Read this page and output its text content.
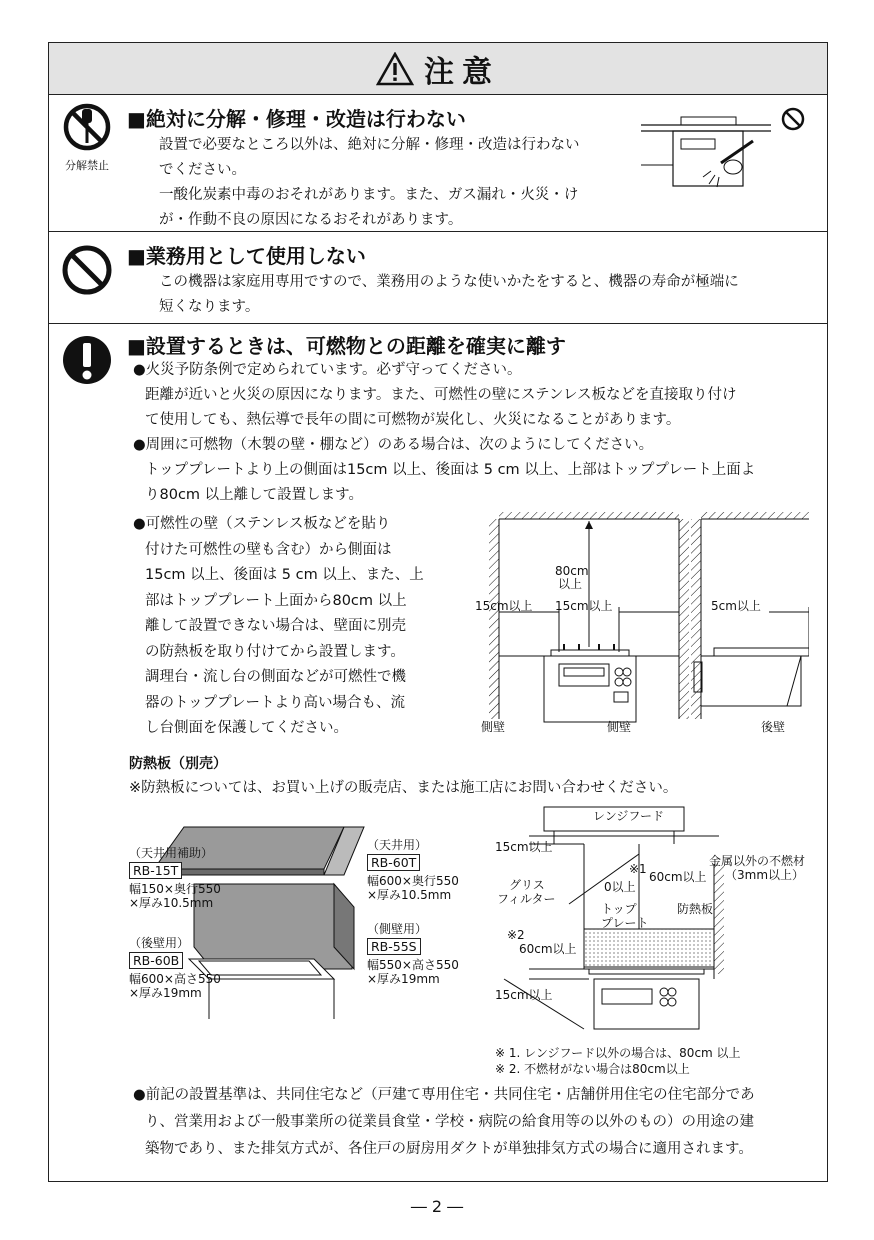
注意
分解禁止
■絶対に分解・修理・改造は行わない
設置で必要なところ以外は、絶対に分解・修理・改造は行わない
でください。
一酸化炭素中毒のおそれがあります。また、ガス漏れ・火災・け
が・作動不良の原因になるおそれがあります。
■業務用として使用しない
この機器は家庭用専用ですので、業務用のような使いかたをすると、機器の寿命が極端に
短くなります。
■設置するときは、可燃物との距離を確実に離す
●火災予防条例で定められています。必ず守ってください。
距離が近いと火災の原因になります。また、可燃性の壁にステンレス板などを直接取り付け
て使用しても、熱伝導で長年の間に可燃物が炭化し、火災になることがあります。
●周囲に可燃物（木製の壁・棚など）のある場合は、次のようにしてください。
トッププレートより上の側面は15cm 以上、後面は 5 cm 以上、上部はトッププレート上面よ
り80cm 以上離して設置します。
●可燃性の壁（ステンレス板などを貼り
付けた可燃性の壁も含む）から側面は
15cm 以上、後面は 5 cm 以上、また、上
部はトッププレート上面から80cm 以上
離して設置できない場合は、壁面に別売
の防熱板を取り付けてから設置します。
調理台・流し台の側面などが可燃性で機
器のトッププレートより高い場合も、流
し台側面を保護してください。
80cm
以上
15cm以上 15cm以上	5cm以上
側壁	側壁	後壁
防熱板（別売）
※防熱板については、お買い上げの販売店、または施工店にお問い合わせください。
（天井用補助）
RB-15T
幅150×奥行550
×厚み10.5mm
（後壁用）
RB-60B
幅600×高さ550
×厚み19mm
（天井用）
RB-60T
幅600×奥行550
×厚み10.5mm
（側壁用）
RB-55S
幅550×高さ550
×厚み19mm
レンジフード
15cm以上
金属以外の不燃材
（3mm以上）
グリス
フィルター
0以上
※1
60cm以上
トップ
プレート
防熱板
※2
60cm以上
15cm以上
※ 1. レンジフード以外の場合は、80cm 以上
※ 2. 不燃材がない場合は80cm以上
●前記の設置基準は、共同住宅など（戸建て専用住宅・共同住宅・店舗併用住宅の住宅部分であ
り、営業用および一般事業所の従業員食堂・学校・病院の給食用等の以外のもの）の用途の建
築物であり、また排気方式が、各住戸の厨房用ダクトが単独排気方式の場合に適用されます。
― 2 ―
